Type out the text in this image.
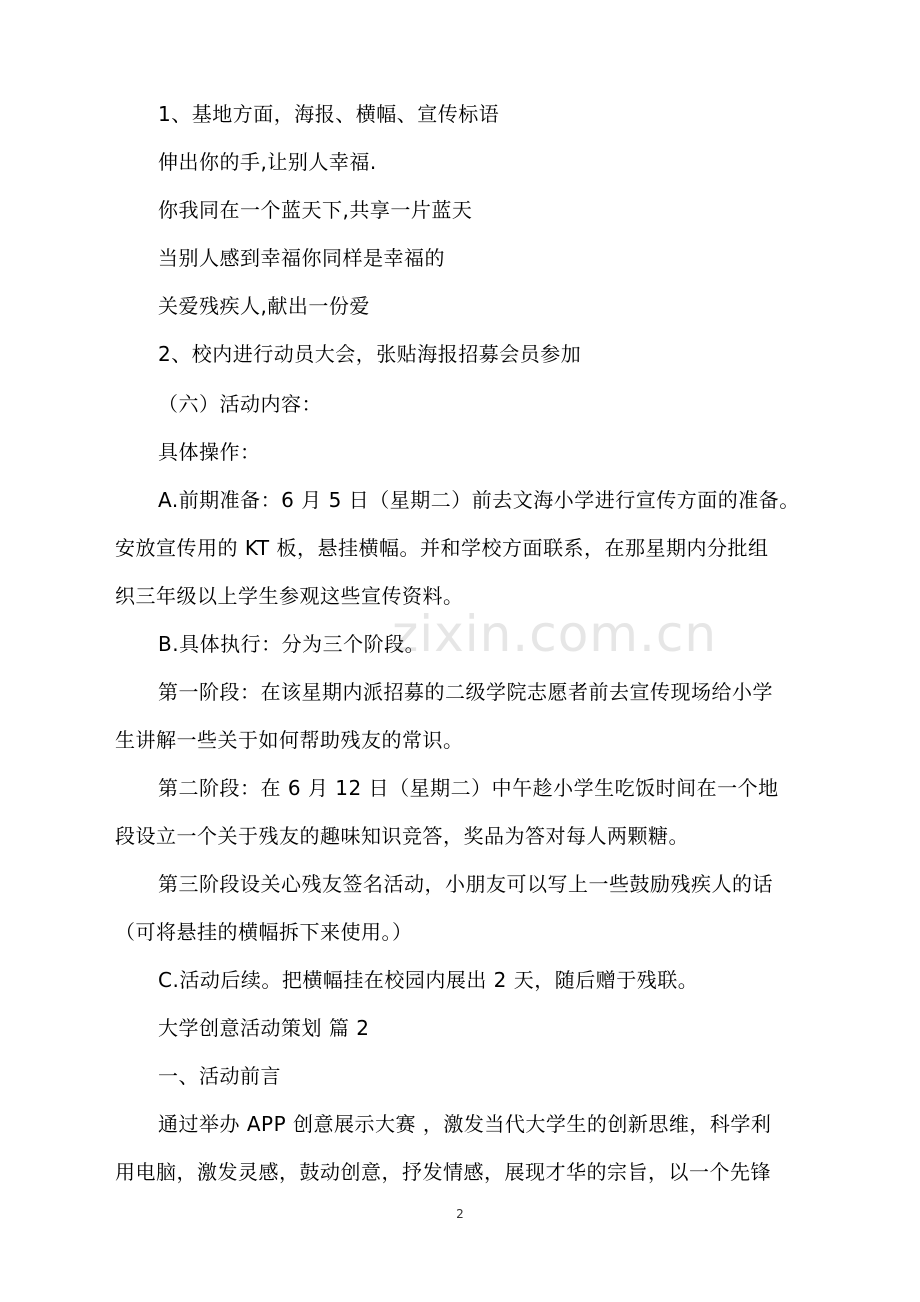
zixin.com.cn
1、基地方面，海报、横幅、宣传标语
伸出你的手,让别人幸福.
你我同在一个蓝天下,共享一片蓝天
当别人感到幸福你同样是幸福的
关爱残疾人,献出一份爱
2、校内进行动员大会，张贴海报招募会员参加
（六）活动内容：
具体操作：
A.前期准备：6 月 5 日（星期二）前去文海小学进行宣传方面的准备。
安放宣传用的 KT 板，悬挂横幅。并和学校方面联系，在那星期内分批组
织三年级以上学生参观这些宣传资料。
B.具体执行：分为三个阶段。
第一阶段：在该星期内派招募的二级学院志愿者前去宣传现场给小学
生讲解一些关于如何帮助残友的常识。
第二阶段：在 6 月 12 日（星期二）中午趁小学生吃饭时间在一个地
段设立一个关于残友的趣味知识竞答，奖品为答对每人两颗糖。
第三阶段设关心残友签名活动，小朋友可以写上一些鼓励残疾人的话
（可将悬挂的横幅拆下来使用。）
C.活动后续。把横幅挂在校园内展出 2 天，随后赠于残联。
大学创意活动策划 篇 2
一、活动前言
通过举办 APP 创意展示大赛 ，激发当代大学生的创新思维，科学利
用电脑，激发灵感，鼓动创意，抒发情感，展现才华的宗旨，以一个先锋
2
